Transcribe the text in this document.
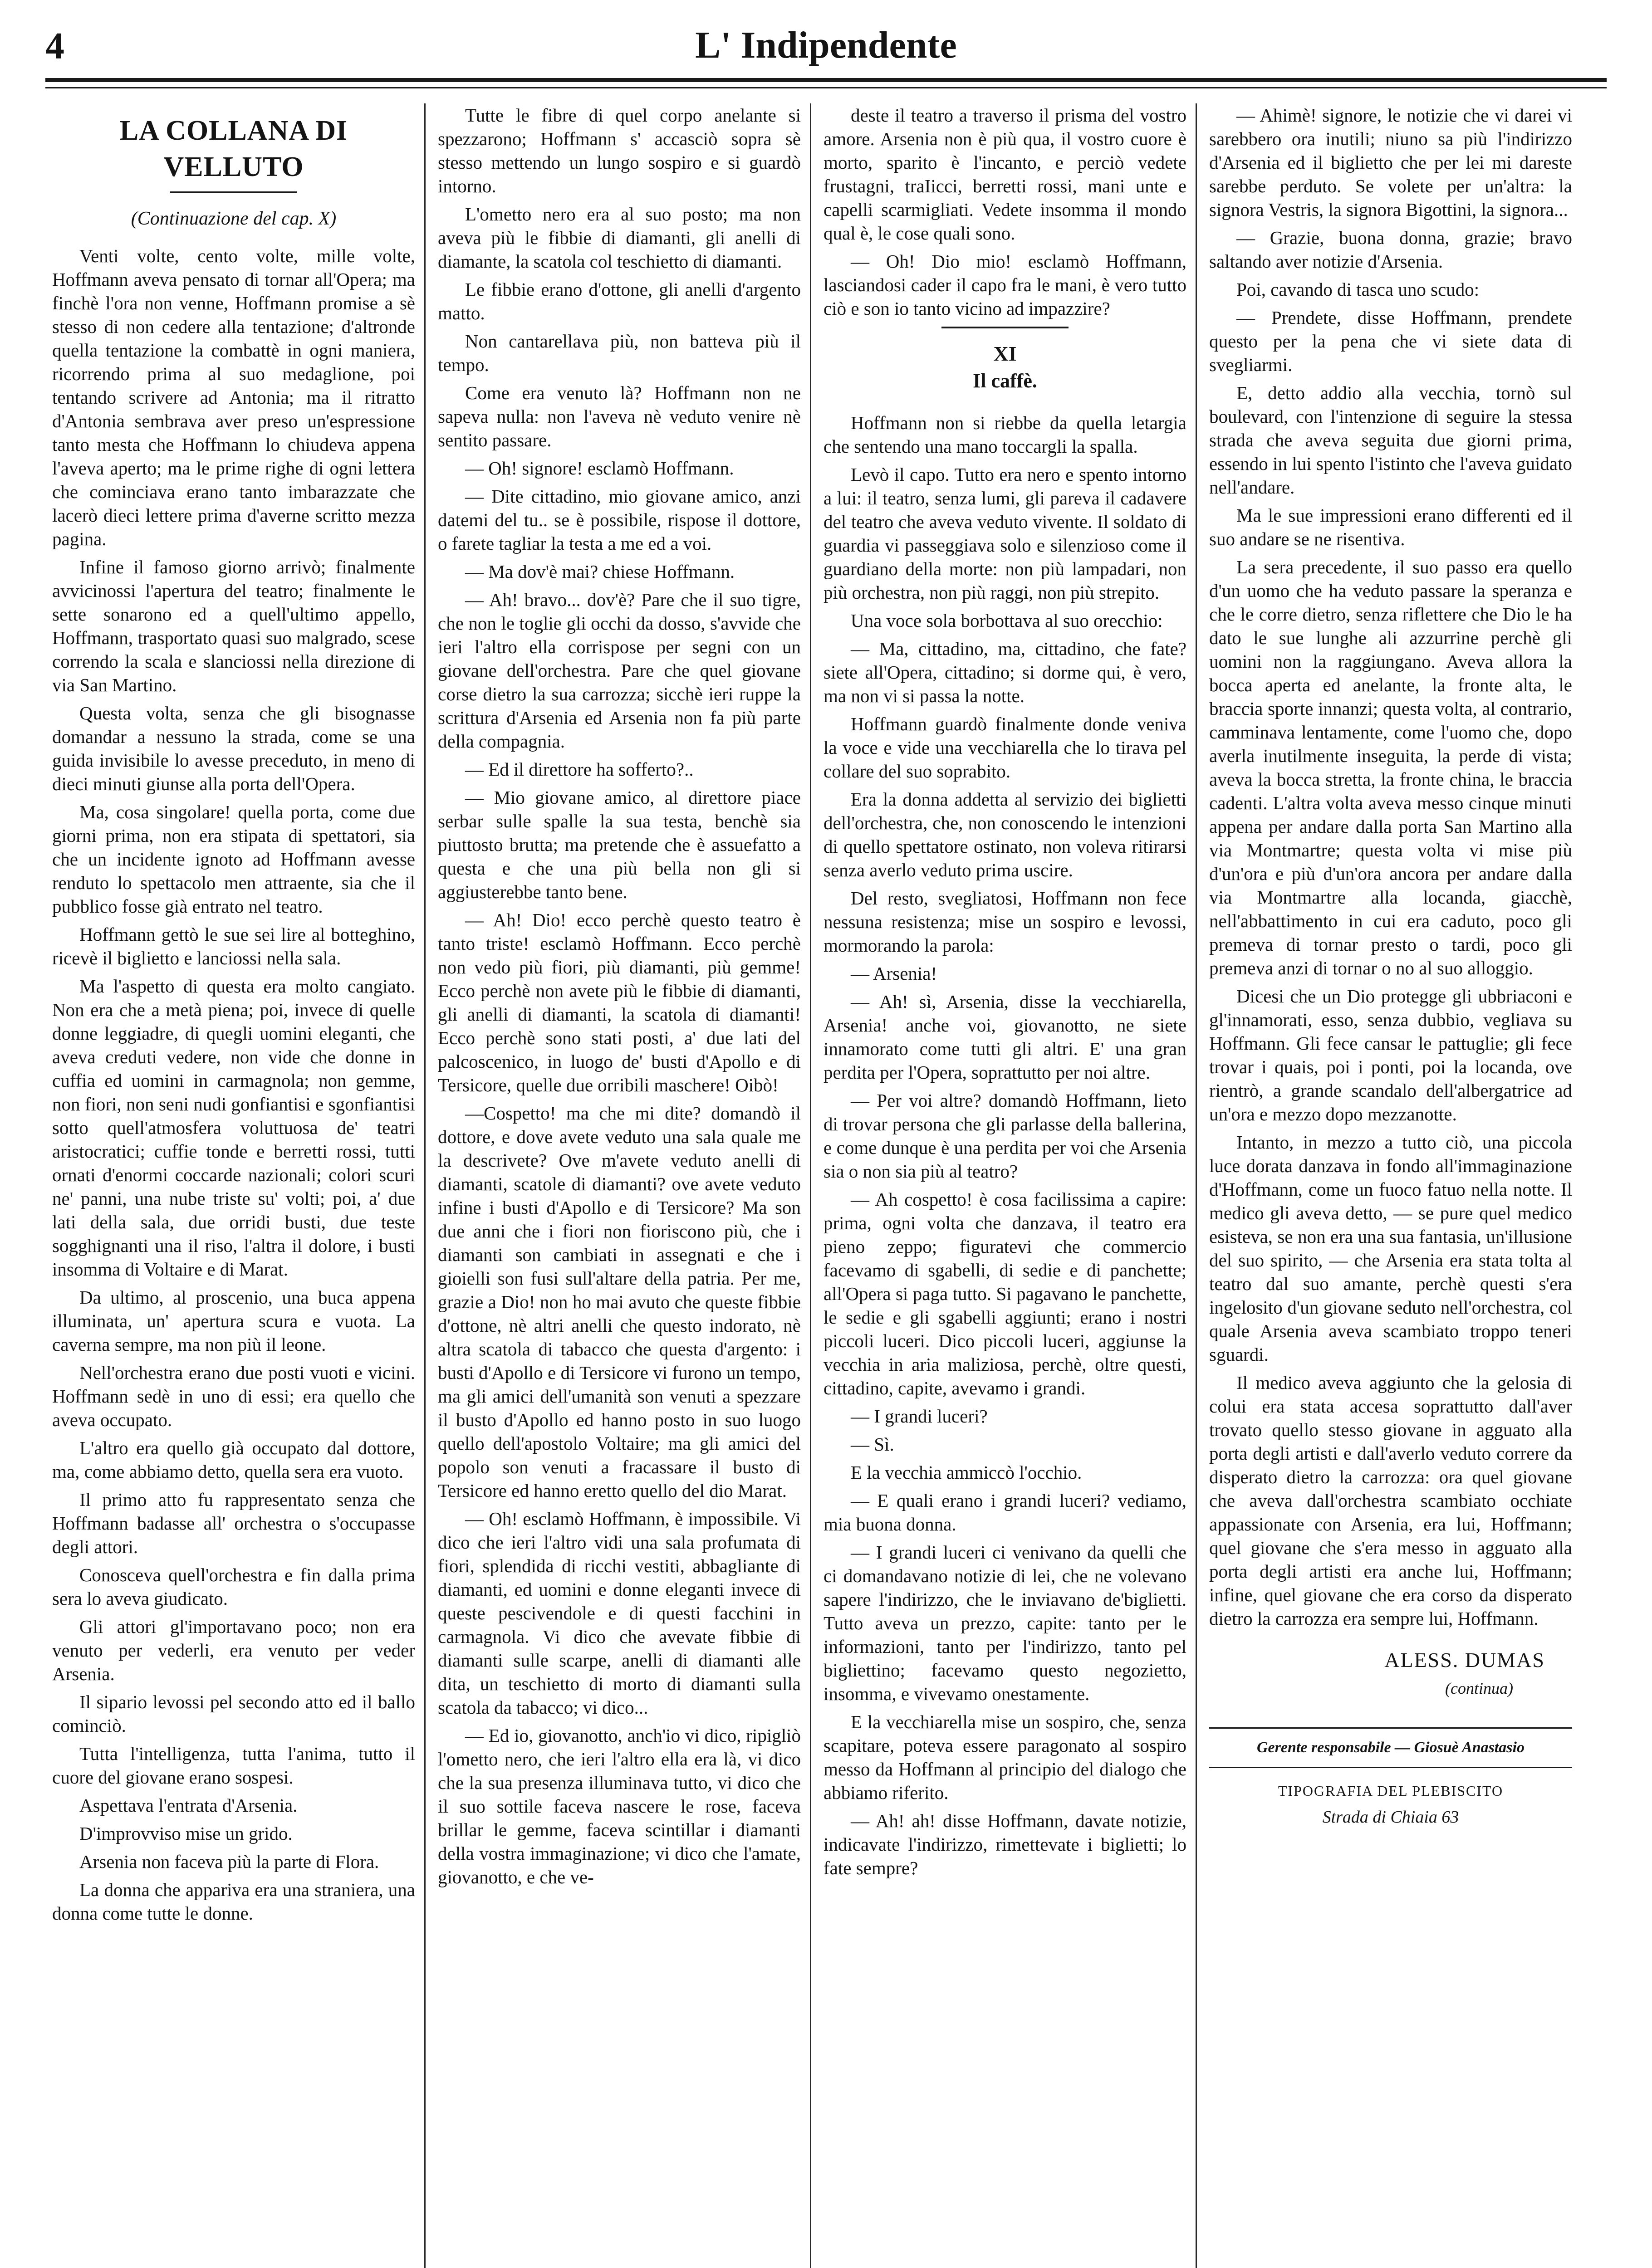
4	L' Indipendente
LA COLLANA DI VELLUTO
(Continuazione del cap. X)

Venti volte, cento volte, mille volte, Hoffmann aveva pensato di tornar all'Opera; ma finchè l'ora non venne, Hoffmann promise a sè stesso di non cedere alla tentazione; d'altronde quella tentazione la combattè in ogni maniera, ricorrendo prima al suo medaglione, poi tentando scrivere ad Antonia; ma il ritratto d'Antonia sembrava aver preso un'espressione tanto mesta che Hoffmann lo chiudeva appena l'aveva aperto; ma le prime righe di ogni lettera che cominciava erano tanto imbarazzate che lacerò dieci lettere prima d'averne scritto mezza pagina.

Infine il famoso giorno arrivò; finalmente avvicinossi l'apertura del teatro; finalmente le sette sonarono ed a quell'ultimo appello, Hoffmann, trasportato quasi suo malgrado, scese correndo la scala e slanciossi nella direzione di via San Martino.

Questa volta, senza che gli bisognasse domandar a nessuno la strada, come se una guida invisibile lo avesse preceduto, in meno di dieci minuti giunse alla porta dell'Opera.

Ma, cosa singolare! quella porta, come due giorni prima, non era stipata di spettatori, sia che un incidente ignoto ad Hoffmann avesse renduto lo spettacolo men attraente, sia che il pubblico fosse già entrato nel teatro.

Hoffmann gettò le sue sei lire al botteghino, ricevè il biglietto e lanciossi nella sala.

Ma l'aspetto di questa era molto cangiato. Non era che a metà piena; poi, invece di quelle donne leggiadre, di quegli uomini eleganti, che aveva creduti vedere, non vide che donne in cuffia ed uomini in carmagnola; non gemme, non fiori, non seni nudi gonfiantisi e sgonfiantisi sotto quell'atmosfera voluttuosa de' teatri aristocratici; cuffie tonde e berretti rossi, tutti ornati d'enormi coccarde nazionali; colori scuri ne' panni, una nube triste su' volti; poi, a' due lati della sala, due orridi busti, due teste sogghignanti una il riso, l'altra il dolore, i busti insomma di Voltaire e di Marat.

Da ultimo, al proscenio, una buca appena illuminata, un' apertura scura e vuota. La caverna sempre, ma non più il leone.

Nell'orchestra erano due posti vuoti e vicini. Hoffmann sedè in uno di essi; era quello che aveva occupato.

L'altro era quello già occupato dal dottore, ma, come abbiamo detto, quella sera era vuoto.

Il primo atto fu rappresentato senza che Hoffmann badasse all' orchestra o s'occupasse degli attori.

Conosceva quell'orchestra e fin dalla prima sera lo aveva giudicato.

Gli attori gl'importavano poco; non era venuto per vederli, era venuto per veder Arsenia.

Il sipario levossi pel secondo atto ed il ballo cominciò.

Tutta l'intelligenza, tutta l'anima, tutto il cuore del giovane erano sospesi.

Aspettava l'entrata d'Arsenia.

D'improvviso mise un grido.

Arsenia non faceva più la parte di Flora.

La donna che appariva era una straniera, una donna come tutte le donne.

Tutte le fibre di quel corpo anelante si spezzarono; Hoffmann s' accasciò sopra sè stesso mettendo un lungo sospiro e si guardò intorno.

L'ometto nero era al suo posto; ma non aveva più le fibbie di diamanti, gli anelli di diamante, la scatola col teschietto di diamanti.

Le fibbie erano d'ottone, gli anelli d'argento matto.

Non cantarellava più, non batteva più il tempo.

Come era venuto là? Hoffmann non ne sapeva nulla: non l'aveva nè veduto venire nè sentito passare.

— Oh! signore! esclamò Hoffmann.

— Dite cittadino, mio giovane amico, anzi datemi del tu.. se è possibile, rispose il dottore, o farete tagliar la testa a me ed a voi.

— Ma dov'è mai? chiese Hoffmann.

— Ah! bravo... dov'è? Pare che il suo tigre, che non le toglie gli occhi da dosso, s'avvide che ieri l'altro ella corrispose per segni con un giovane dell'orchestra. Pare che quel giovane corse dietro la sua carrozza; sicchè ieri ruppe la scrittura d'Arsenia ed Arsenia non fa più parte della compagnia.

— Ed il direttore ha sofferto?..

— Mio giovane amico, al direttore piace serbar sulle spalle la sua testa, benchè sia piuttosto brutta; ma pretende che è assuefatto a questa e che una più bella non gli si aggiusterebbe tanto bene.

— Ah! Dio! ecco perchè questo teatro è tanto triste! esclamò Hoffmann. Ecco perchè non vedo più fiori, più diamanti, più gemme! Ecco perchè non avete più le fibbie di diamanti, gli anelli di diamanti, la scatola di diamanti! Ecco perchè sono stati posti, a' due lati del palcoscenico, in luogo de' busti d'Apollo e di Tersicore, quelle due orribili maschere! Oibò!

—Cospetto! ma che mi dite? domandò il dottore, e dove avete veduto una sala quale me la descrivete? Ove m'avete veduto anelli di diamanti, scatole di diamanti? ove avete veduto infine i busti d'Apollo e di Tersicore? Ma son due anni che i fiori non fioriscono più, che i diamanti son cambiati in assegnati e che i gioielli son fusi sull'altare della patria. Per me, grazie a Dio! non ho mai avuto che queste fibbie d'ottone, nè altri anelli che questo indorato, nè altra scatola di tabacco che questa d'argento: i busti d'Apollo e di Tersicore vi furono un tempo, ma gli amici dell'umanità son venuti a spezzare il busto d'Apollo ed hanno posto in suo luogo quello dell'apostolo Voltaire; ma gli amici del popolo son venuti a fracassare il busto di Tersicore ed hanno eretto quello del dio Marat.

— Oh! esclamò Hoffmann, è impossibile. Vi dico che ieri l'altro vidi una sala profumata di fiori, splendida di ricchi vestiti, abbagliante di diamanti, ed uomini e donne eleganti invece di queste pescivendole e di questi facchini in carmagnola. Vi dico che avevate fibbie di diamanti sulle scarpe, anelli di diamanti alle dita, un teschietto di morto di diamanti sulla scatola da tabacco; vi dico...

— Ed io, giovanotto, anch'io vi dico, ripigliò l'ometto nero, che ieri l'altro ella era là, vi dico che la sua presenza illuminava tutto, vi dico che il suo sottile faceva nascere le rose, faceva brillar le gemme, faceva scintillar i diamanti della vostra immaginazione; vi dico che l'amate, giovanotto, e che ve-

deste il teatro a traverso il prisma del vostro amore. Arsenia non è più qua, il vostro cuore è morto, sparito è l'incanto, e perciò vedete frustagni, traIicci, berretti rossi, mani unte e capelli scarmigliati. Vedete insomma il mondo qual è, le cose quali sono.

— Oh! Dio mio! esclamò Hoffmann, lasciandosi cader il capo fra le mani, è vero tutto ciò e son io tanto vicino ad impazzire?

XI
Il caffè.

Hoffmann non si riebbe da quella letargia che sentendo una mano toccargli la spalla.

Levò il capo. Tutto era nero e spento intorno a lui: il teatro, senza lumi, gli pareva il cadavere del teatro che aveva veduto vivente. Il soldato di guardia vi passeggiava solo e silenzioso come il guardiano della morte: non più lampadari, non più orchestra, non più raggi, non più strepito.

Una voce sola borbottava al suo orecchio:

— Ma, cittadino, ma, cittadino, che fate? siete all'Opera, cittadino; si dorme qui, è vero, ma non vi si passa la notte.

Hoffmann guardò finalmente donde veniva la voce e vide una vecchiarella che lo tirava pel collare del suo soprabito.

Era la donna addetta al servizio dei biglietti dell'orchestra, che, non conoscendo le intenzioni di quello spettatore ostinato, non voleva ritirarsi senza averlo veduto prima uscire.

Del resto, svegliatosi, Hoffmann non fece nessuna resistenza; mise un sospiro e levossi, mormorando la parola:

— Arsenia!

— Ah! sì, Arsenia, disse la vecchiarella, Arsenia! anche voi, giovanotto, ne siete innamorato come tutti gli altri. E' una gran perdita per l'Opera, soprattutto per noi altre.

— Per voi altre? domandò Hoffmann, lieto di trovar persona che gli parlasse della ballerina, e come dunque è una perdita per voi che Arsenia sia o non sia più al teatro?

— Ah cospetto! è cosa facilissima a capire: prima, ogni volta che danzava, il teatro era pieno zeppo; figuratevi che commercio facevamo di sgabelli, di sedie e di panchette; all'Opera si paga tutto. Si pagavano le panchette, le sedie e gli sgabelli aggiunti; erano i nostri piccoli luceri. Dico piccoli luceri, aggiunse la vecchia in aria maliziosa, perchè, oltre questi, cittadino, capite, avevamo i grandi.

— I grandi luceri?

— Sì.

E la vecchia ammiccò l'occhio.

— E quali erano i grandi luceri? vediamo, mia buona donna.

— I grandi luceri ci venivano da quelli che ci domandavano notizie di lei, che ne volevano sapere l'indirizzo, che le inviavano de'biglietti. Tutto aveva un prezzo, capite: tanto per le informazioni, tanto per l'indirizzo, tanto pel bigliettino; facevamo questo negozietto, insomma, e vivevamo onestamente.

E la vecchiarella mise un sospiro, che, senza scapitare, poteva essere paragonato al sospiro messo da Hoffmann al principio del dialogo che abbiamo riferito.

— Ah! ah! disse Hoffmann, davate notizie, indicavate l'indirizzo, rimettevate i biglietti; lo fate sempre?

— Ahimè! signore, le notizie che vi darei vi sarebbero ora inutili; niuno sa più l'indirizzo d'Arsenia ed il biglietto che per lei mi dareste sarebbe perduto. Se volete per un'altra: la signora Vestris, la signora Bigottini, la signora...

— Grazie, buona donna, grazie; bravo saltando aver notizie d'Arsenia.

Poi, cavando di tasca uno scudo:

— Prendete, disse Hoffmann, prendete questo per la pena che vi siete data di svegliarmi.

E, detto addio alla vecchia, tornò sul boulevard, con l'intenzione di seguire la stessa strada che aveva seguita due giorni prima, essendo in lui spento l'istinto che l'aveva guidato nell'andare.

Ma le sue impressioni erano differenti ed il suo andare se ne risentiva.

La sera precedente, il suo passo era quello d'un uomo che ha veduto passare la speranza e che le corre dietro, senza riflettere che Dio le ha dato le sue lunghe ali azzurrine perchè gli uomini non la raggiungano. Aveva allora la bocca aperta ed anelante, la fronte alta, le braccia sporte innanzi; questa volta, al contrario, camminava lentamente, come l'uomo che, dopo averla inutilmente inseguita, la perde di vista; aveva la bocca stretta, la fronte china, le braccia cadenti. L'altra volta aveva messo cinque minuti appena per andare dalla porta San Martino alla via Montmartre; questa volta vi mise più d'un'ora e più d'un'ora ancora per andare dalla via Montmartre alla locanda, giacchè, nell'abbattimento in cui era caduto, poco gli premeva di tornar presto o tardi, poco gli premeva anzi di tornar o no al suo alloggio.

Dicesi che un Dio protegge gli ubbriaconi e gl'innamorati, esso, senza dubbio, vegliava su Hoffmann. Gli fece cansar le pattuglie; gli fece trovar i quais, poi i ponti, poi la locanda, ove rientrò, a grande scandalo dell'albergatrice ad un'ora e mezzo dopo mezzanotte.

Intanto, in mezzo a tutto ciò, una piccola luce dorata danzava in fondo all'immaginazione d'Hoffmann, come un fuoco fatuo nella notte. Il medico gli aveva detto, — se pure quel medico esisteva, se non era una sua fantasia, un'illusione del suo spirito, — che Arsenia era stata tolta al teatro dal suo amante, perchè questi s'era ingelosito d'un giovane seduto nell'orchestra, col quale Arsenia aveva scambiato troppo teneri sguardi.

Il medico aveva aggiunto che la gelosia di colui era stata accesa soprattutto dall'aver trovato quello stesso giovane in agguato alla porta degli artisti e dall'averlo veduto correre da disperato dietro la carrozza: ora quel giovane che aveva dall'orchestra scambiato occhiate appassionate con Arsenia, era lui, Hoffmann; quel giovane che s'era messo in agguato alla porta degli artisti era anche lui, Hoffmann; infine, quel giovane che era corso da disperato dietro la carrozza era sempre lui, Hoffmann.

ALESS. DUMAS
(continua)
Gerente responsabile — Giosuè Anastasio
TIPOGRAFIA DEL PLEBISCITO
Strada di Chiaia 63
